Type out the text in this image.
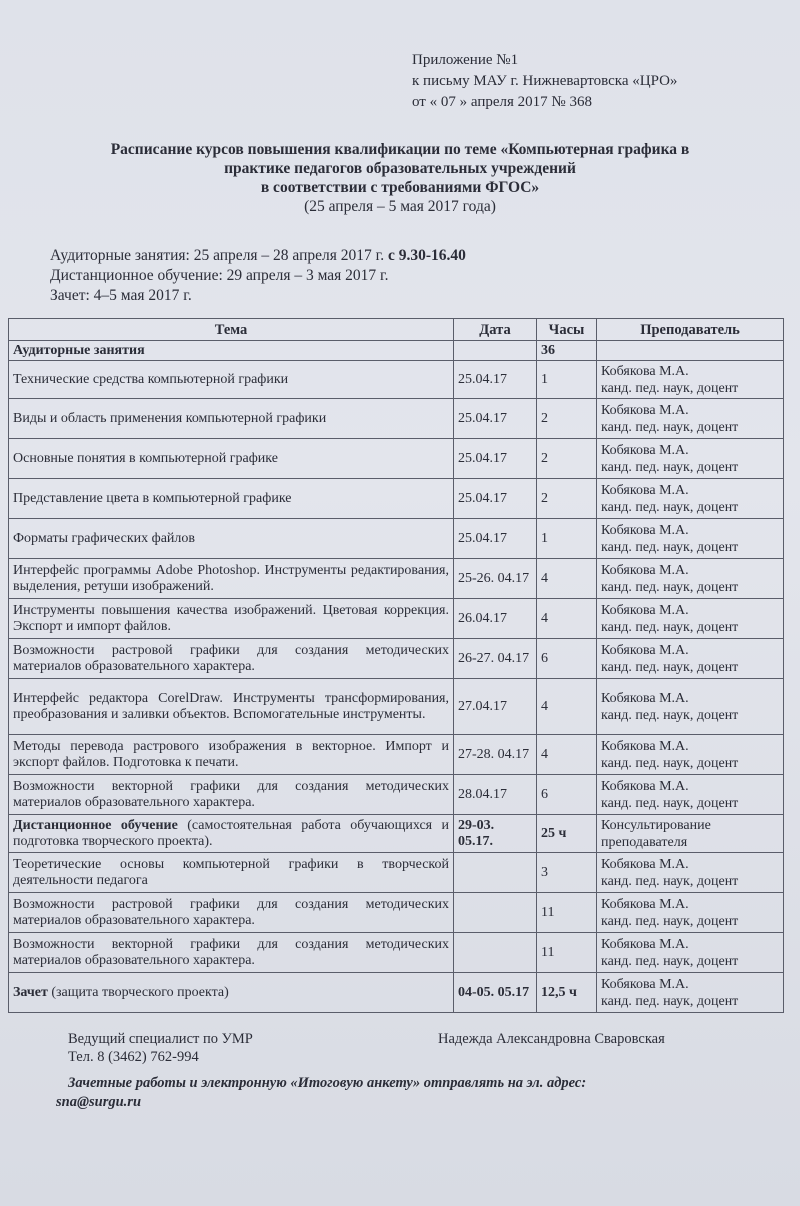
Приложение №1
к письму МАУ г. Нижневартовска «ЦРО»
от « 07 » апреля 2017 № 368
Расписание курсов повышения квалификации по теме «Компьютерная графика в
практике педагогов образовательных учреждений
в соответствии с требованиями ФГОС»
(25 апреля – 5 мая 2017 года)
Аудиторные занятия: 25 апреля – 28 апреля 2017 г. с 9.30-16.40
Дистанционное обучение: 29 апреля – 3 мая 2017 г.
Зачет: 4–5 мая 2017 г.
Тема	Дата	Часы	Преподаватель
Аудиторные занятия		36	
Технические средства компьютерной графики	25.04.17	1	Кобякова М.А.
канд. пед. наук, доцент

Виды и область применения компьютерной графики	25.04.17	2	Кобякова М.А.
канд. пед. наук, доцент

Основные понятия в компьютерной графике	25.04.17	2	Кобякова М.А.
канд. пед. наук, доцент

Представление цвета в компьютерной графике	25.04.17	2	Кобякова М.А.
канд. пед. наук, доцент

Форматы графических файлов	25.04.17	1	Кобякова М.А.
канд. пед. наук, доцент

Интерфейс программы Adobe Photoshop. Инструменты редактирования, выделения, ретуши изображений.	25-26. 04.17	4	Кобякова М.А.
канд. пед. наук, доцент

Инструменты повышения качества изображений. Цветовая коррекция. Экспорт и импорт файлов.	26.04.17	4	Кобякова М.А.
канд. пед. наук, доцент

Возможности растровой графики для создания методических материалов образовательного характера.	26-27. 04.17	6	Кобякова М.А.
канд. пед. наук, доцент

Интерфейс редактора CorelDraw. Инструменты трансформирования, преобразования и заливки объектов. Вспомогательные инструменты.	27.04.17	4	Кобякова М.А.
канд. пед. наук, доцент

Методы перевода растрового изображения в векторное. Импорт и экспорт файлов. Подготовка к печати.	27-28. 04.17	4	Кобякова М.А.
канд. пед. наук, доцент

Возможности векторной графики для создания методических материалов образовательного характера.	28.04.17	6	Кобякова М.А.
канд. пед. наук, доцент

Дистанционное обучение (самостоятельная работа обучающихся и подготовка творческого проекта).	29-03. 05.17.	25 ч	Консультирование
преподавателя

Теоретические основы компьютерной графики в творческой деятельности педагога		3	Кобякова М.А.
канд. пед. наук, доцент

Возможности растровой графики для создания методических материалов образовательного характера.		11	Кобякова М.А.
канд. пед. наук, доцент

Возможности векторной графики для создания методических материалов образовательного характера.		11	Кобякова М.А.
канд. пед. наук, доцент

Зачет (защита творческого проекта)	04-05. 05.17	12,5 ч	Кобякова М.А.
канд. пед. наук, доцент
Ведущий специалист по УМР	Надежда Александровна Сваровская
Тел. 8 (3462) 762-994
Зачетные работы и электронную «Итоговую анкету» отправлять на эл. адрес:
sna@surgu.ru
